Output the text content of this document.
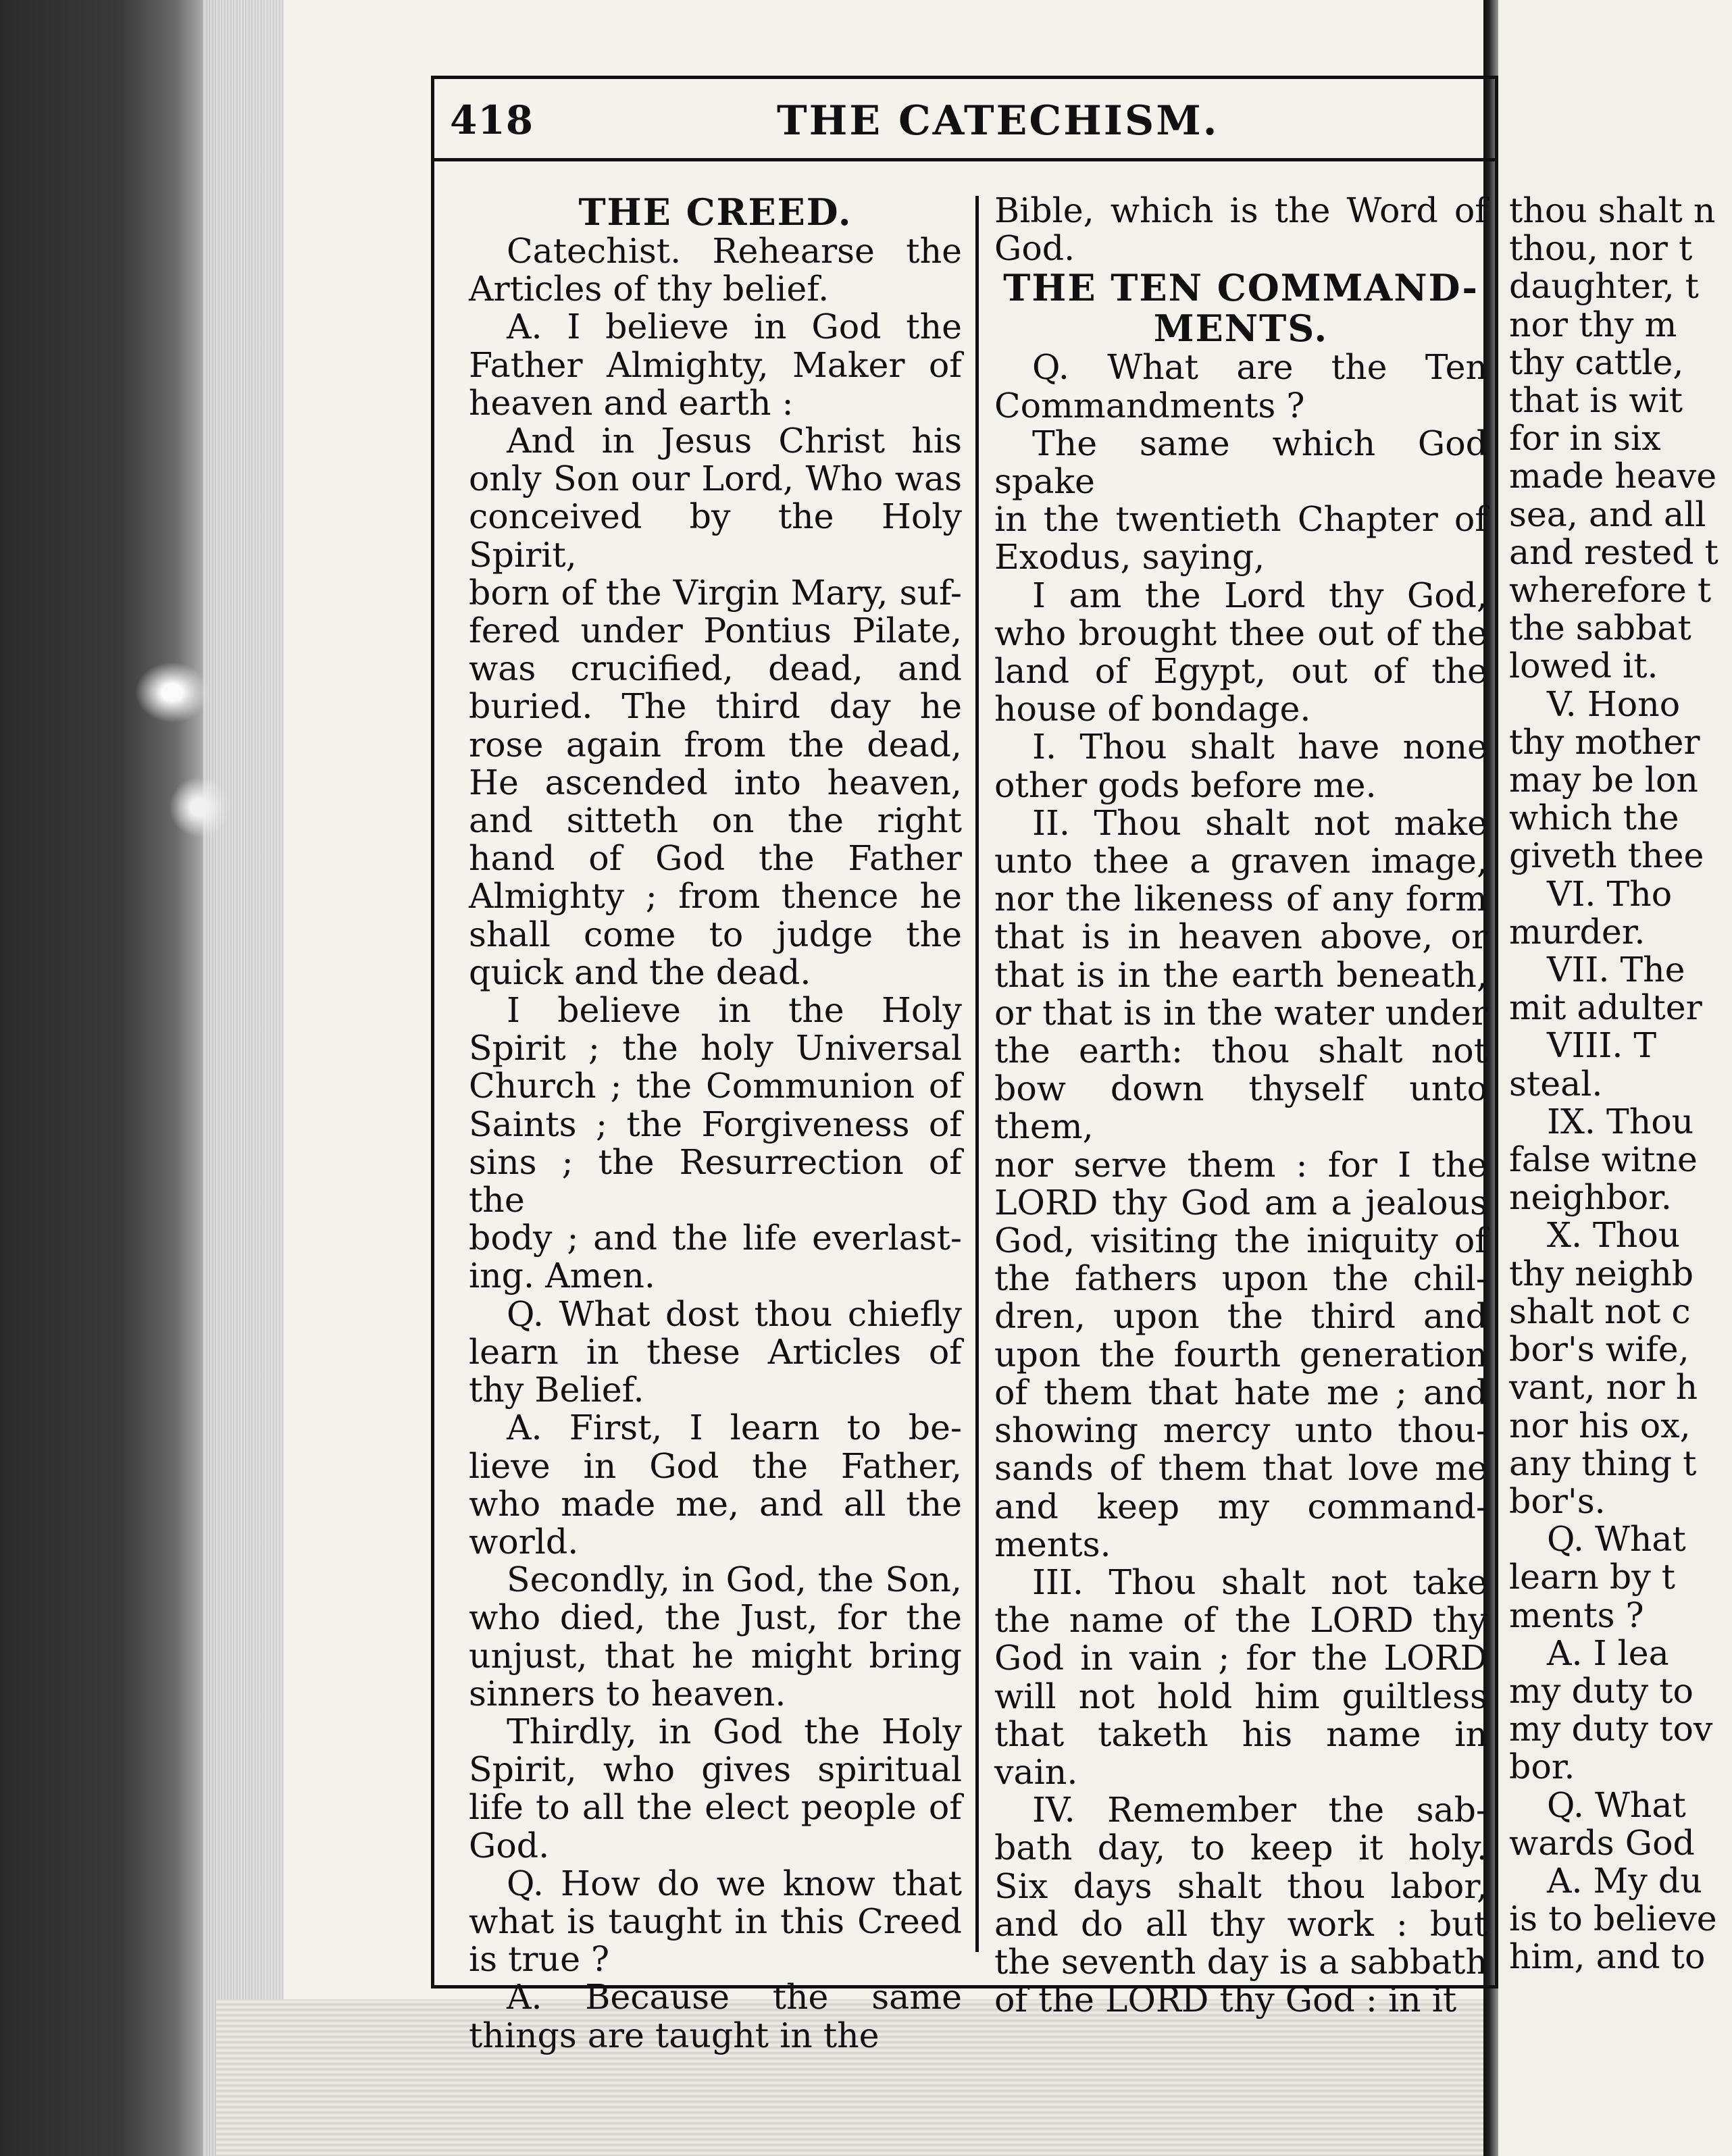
418	THE CATECHISM.
THE CREED.

Catechist. Rehearse the

Articles of thy belief.

A. I believe in God the

Father Almighty, Maker of

heaven and earth :

And in Jesus Christ his

only Son our Lord, Who was

conceived by the Holy Spirit,

born of the Virgin Mary, suf-

fered under Pontius Pilate,

was crucified, dead, and

buried. The third day he

rose again from the dead,

He ascended into heaven,

and sitteth on the right

hand of God the Father

Almighty ; from thence he

shall come to judge the

quick and the dead.

I believe in the Holy

Spirit ; the holy Universal

Church ; the Communion of

Saints ; the Forgiveness of

sins ; the Resurrection of the

body ; and the life everlast-

ing. Amen.

Q. What dost thou chiefly

learn in these Articles of

thy Belief.

A. First, I learn to be-

lieve in God the Father,

who made me, and all the

world.

Secondly, in God, the Son,

who died, the Just, for the

unjust, that he might bring

sinners to heaven.

Thirdly, in God the Holy

Spirit, who gives spiritual

life to all the elect people of

God.

Q. How do we know that

what is taught in this Creed

is true ?

A. Because the same

things are taught in the

Bible, which is the Word of

God.

THE TEN COMMAND-
MENTS.

Q. What are the Ten

Commandments ?

The same which God spake

in the twentieth Chapter of

Exodus, saying,

I am the Lord thy God,

who brought thee out of the

land of Egypt, out of the

house of bondage.

I. Thou shalt have none

other gods before me.

II. Thou shalt not make

unto thee a graven image,

nor the likeness of any form

that is in heaven above, or

that is in the earth beneath,

or that is in the water under

the earth: thou shalt not

bow down thyself unto them,

nor serve them : for I the

LORD thy God am a jealous

God, visiting the iniquity of

the fathers upon the chil-

dren, upon the third and

upon the fourth generation

of them that hate me ; and

showing mercy unto thou-

sands of them that love me

and keep my command-

ments.

III. Thou shalt not take

the name of the LORD thy

God in vain ; for the LORD

will not hold him guiltless

that taketh his name in

vain.

IV. Remember the sab-

bath day, to keep it holy.

Six days shalt thou labor,

and do all thy work : but

the seventh day is a sabbath

of the LORD thy God : in it

thou shalt n

thou, nor t

daughter, t

nor thy m

thy cattle,

that is wit

for in six

made heave

sea, and all

and rested t

wherefore t

the sabbat

lowed it.

V. Hono

thy mother

may be lon

which the

giveth thee

VI. Tho

murder.

VII. The

mit adulter

VIII. T

steal.

IX. Thou

false witne

neighbor.

X. Thou

thy neighb

shalt not c

bor's wife,

vant, nor h

nor his ox,

any thing t

bor's.

Q. What

learn by t

ments ?

A. I lea

my duty to

my duty tov

bor.

Q. What

wards God

A. My du

is to believe

him, and to
